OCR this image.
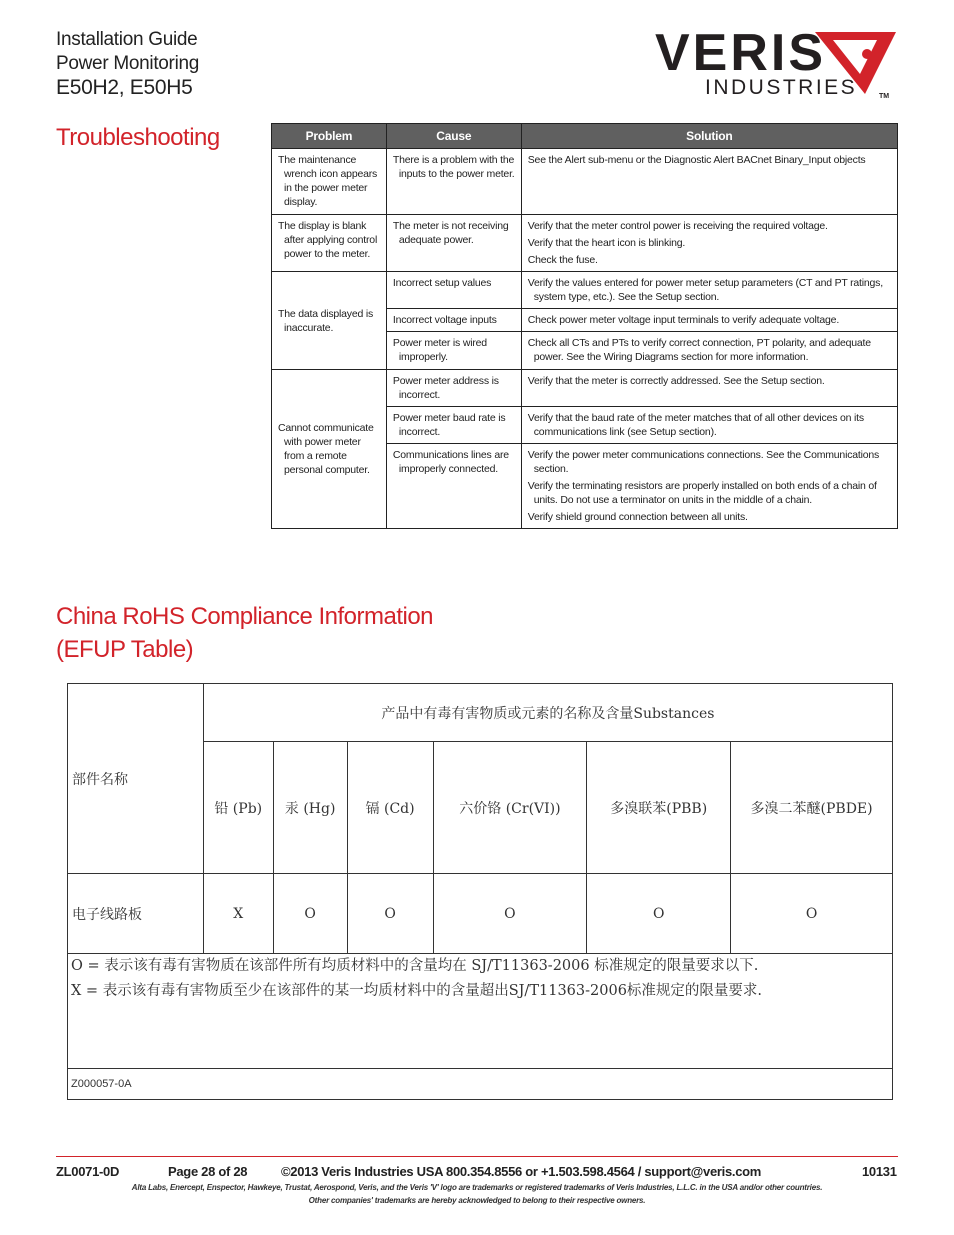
Installation Guide
Power Monitoring
E50H2, E50H5
VERIS
INDUSTRIES	TM
Troubleshooting	Problem	Cause	Solution

The maintenance wrench icon appears in the power meter display.	There is a problem with the inputs to the power meter.	See the Alert sub-menu or the Diagnostic Alert BACnet Binary_Input objects

The display is blank after applying control power to the meter.	The meter is not receiving adequate power.	Verify that the meter control power is receiving the required voltage.
Verify that the heart icon is blinking.
Check the fuse.

The data displayed is inaccurate.	Incorrect setup values	Verify the values entered for power meter setup parameters (CT and PT ratings, system type, etc.). See the Setup section.

	Incorrect voltage inputs	Check power meter voltage input terminals to verify adequate voltage.

	Power meter is wired improperly.	Check all CTs and PTs to verify correct connection, PT polarity, and adequate power. See the Wiring Diagrams section for more information.

Cannot communicate with power meter from a remote personal computer.	Power meter address is incorrect.	Verify that the meter is correctly addressed. See the Setup section.

	Power meter baud rate is incorrect.	Verify that the baud rate of the meter matches that of all other devices on its communications link (see Setup section).

	Communications lines are improperly connected.	Verify the power meter communications connections. See the Communications section.
Verify the terminating resistors are properly installed on both ends of a chain of units. Do not use a terminator on units in the middle of a chain.
Verify shield ground connection between all units.
China RoHS Compliance Information
(EFUP Table)
部件名称	产品中有毒有害物质或元素的名称及含量Substances					
	铅 (Pb)	汞 (Hg)	镉 (Cd)	六价铬 (Cr(VI))	多溴联苯(PBB)	多溴二苯醚(PBDE)
电子线路板	X	O	O	O	O	O

O = 表示该有毒有害物质在该部件所有均质材料中的含量均在 SJ/T11363-2006 标准规定的限量要求以下.
X = 表示该有毒有害物质至少在该部件的某一均质材料中的含量超出SJ/T11363-2006标准规定的限量要求.						

Z000057-0A						
ZL0071-0D	Page 28 of 28	©2013 Veris Industries USA 800.354.8556 or +1.503.598.4564 / support@veris.com	10131
Alta Labs, Enercept, Enspector, Hawkeye, Trustat, Aerospond, Veris, and the Veris 'V' logo are trademarks or registered trademarks of Veris Industries, L.L.C. in the USA and/or other countries.
Other companies' trademarks are hereby acknowledged to belong to their respective owners.
